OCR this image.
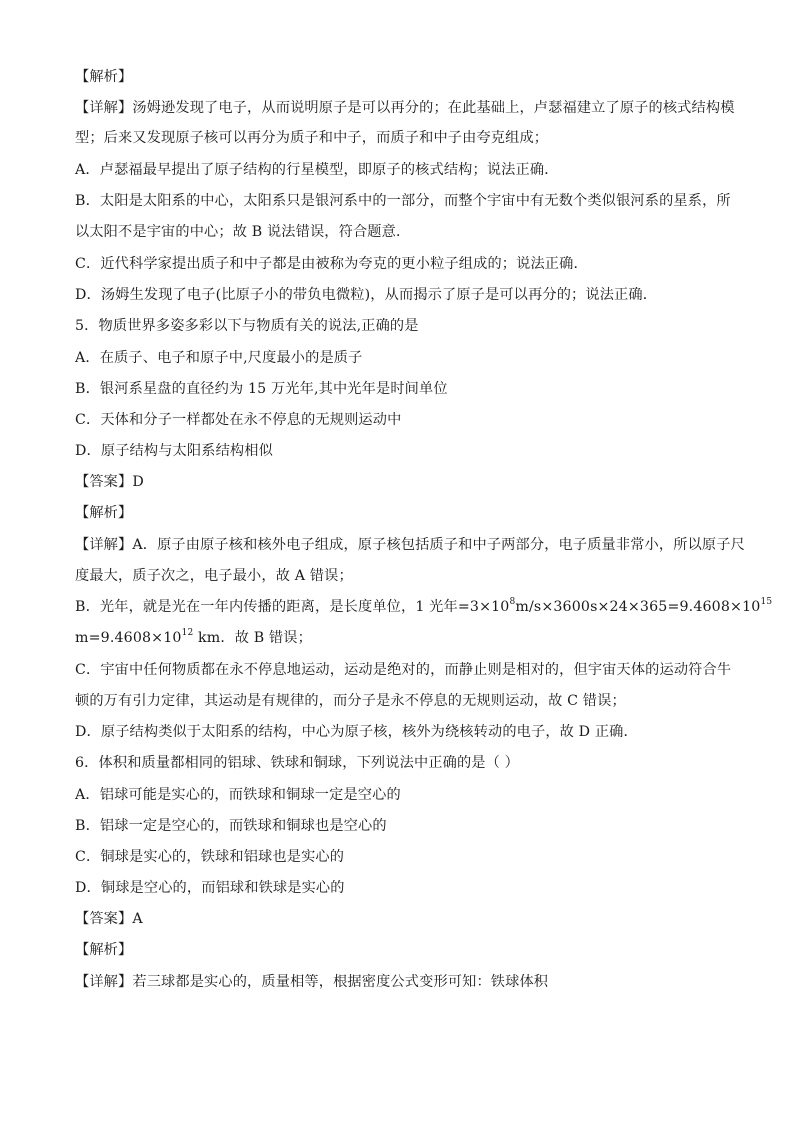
【解析】
【详解】汤姆逊发现了电子，从而说明原子是可以再分的；在此基础上，卢瑟福建立了原子的核式结构模
型；后来又发现原子核可以再分为质子和中子，而质子和中子由夸克组成；
A．卢瑟福最早提出了原子结构的行星模型，即原子的核式结构；说法正确．
B．太阳是太阳系的中心，太阳系只是银河系中的一部分，而整个宇宙中有无数个类似银河系的星系，所
以太阳不是宇宙的中心；故 B 说法错误，符合题意．
C．近代科学家提出质子和中子都是由被称为夸克的更小粒子组成的；说法正确．
D．汤姆生发现了电子(比原子小的带负电微粒)，从而揭示了原子是可以再分的；说法正确．
5．物质世界多姿多彩以下与物质有关的说法,正确的是
A．在质子、电子和原子中,尺度最小的是质子
B．银河系星盘的直径约为 15 万光年,其中光年是时间单位
C．天体和分子一样都处在永不停息的无规则运动中
D．原子结构与太阳系结构相似
【答案】D
【解析】
【详解】A．原子由原子核和核外电子组成，原子核包括质子和中子两部分，电子质量非常小，所以原子尺
度最大，质子次之，电子最小，故 A 错误；
B．光年，就是光在一年内传播的距离，是长度单位，1 光年$=3\times 10^8m/s\times 3600s\times 24\times 365=9.4608\times 10^{15}$
$m=9.4608\times 10^{12}$ km．故 B 错误；
C．宇宙中任何物质都在永不停息地运动，运动是绝对的，而静止则是相对的，但宇宙天体的运动符合牛
顿的万有引力定律，其运动是有规律的，而分子是永不停息的无规则运动，故 C 错误；
D．原子结构类似于太阳系的结构，中心为原子核，核外为绕核转动的电子，故 D 正确．
6．体积和质量都相同的铝球、铁球和铜球，下列说法中正确的是（ ）
A．铝球可能是实心的，而铁球和铜球一定是空心的
B．铝球一定是空心的，而铁球和铜球也是空心的
C．铜球是实心的，铁球和铝球也是实心的
D．铜球是空心的，而铝球和铁球是实心的
【答案】A
【解析】
【详解】若三球都是实心的，质量相等，根据密度公式变形可知：铁球体积
